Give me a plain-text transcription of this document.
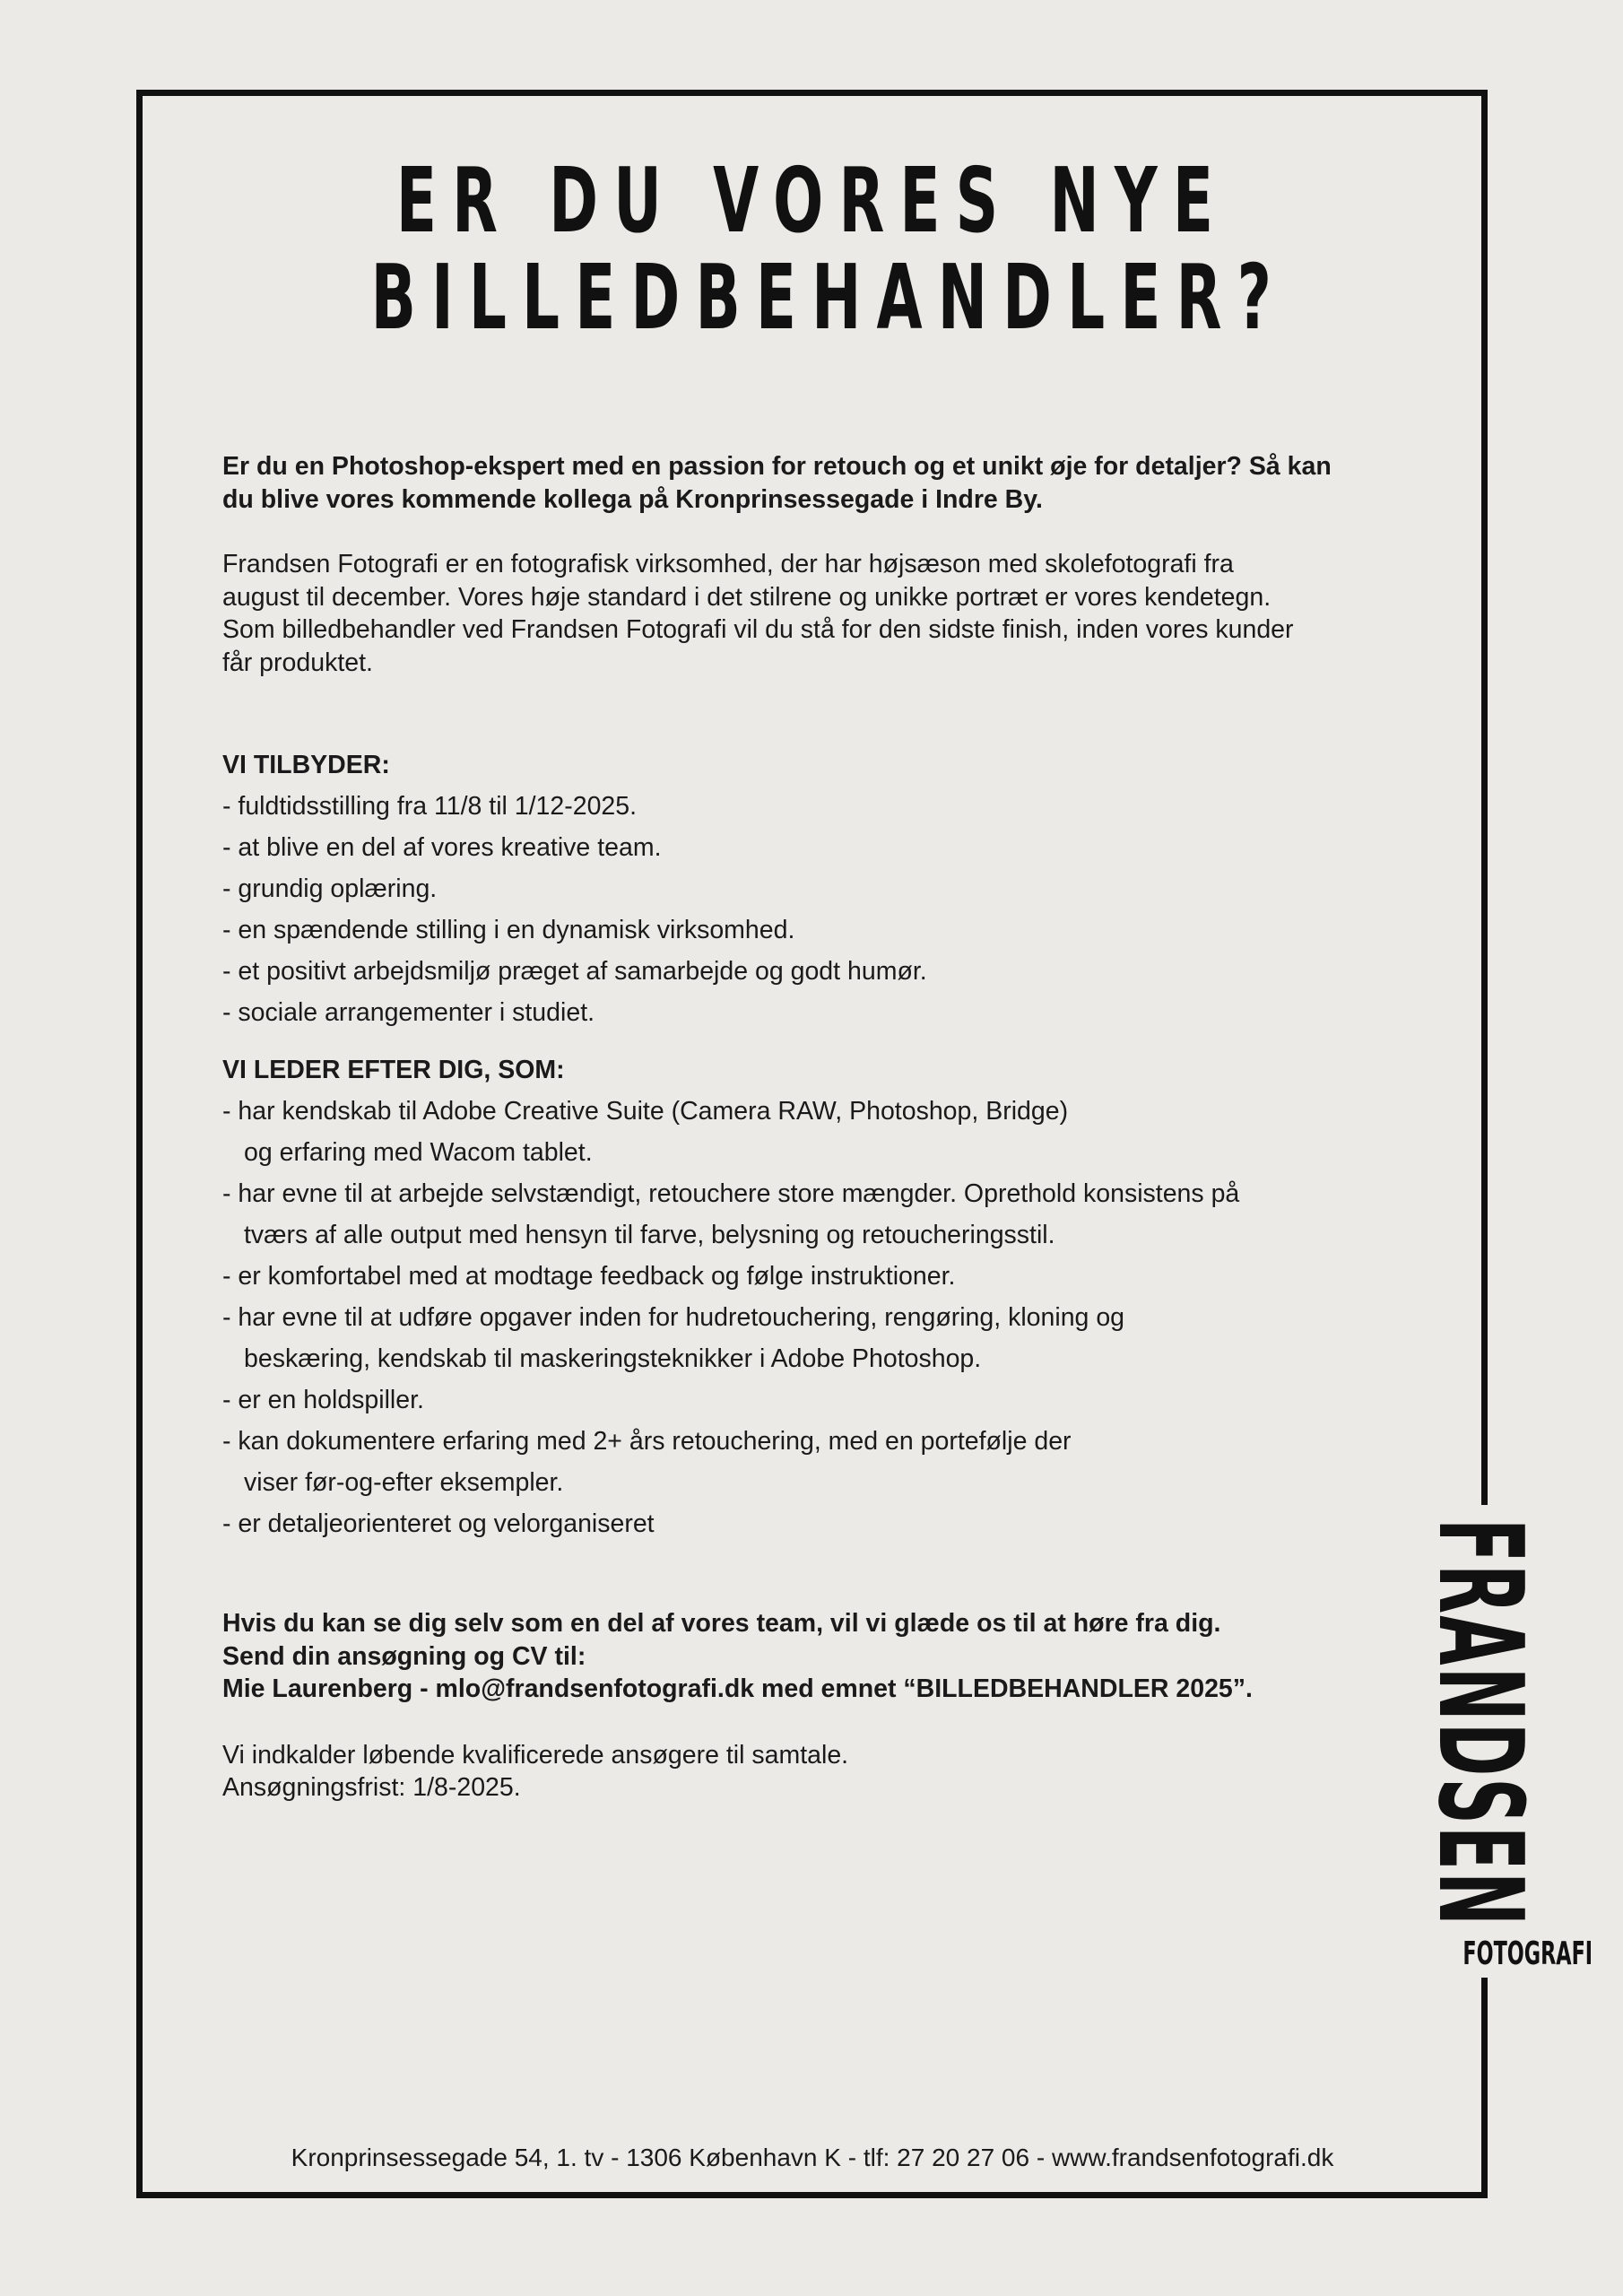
ER DU VORES NYE
BILLEDBEHANDLER?

Er du en Photoshop-ekspert med en passion for retouch og et unikt øje for detaljer? Så kan
du blive vores kommende kollega på Kronprinsessegade i Indre By.

Frandsen Fotografi er en fotografisk virksomhed, der har højsæson med skolefotografi fra
august til december. Vores høje standard i det stilrene og unikke portræt er vores kendetegn.
Som billedbehandler ved Frandsen Fotografi vil du stå for den sidste finish, inden vores kunder
får produktet.

VI TILBYDER:
- fuldtidsstilling fra 11/8 til 1/12-2025.
- at blive en del af vores kreative team.
- grundig oplæring.
- en spændende stilling i en dynamisk virksomhed.
- et positivt arbejdsmiljø præget af samarbejde og godt humør.
- sociale arrangementer i studiet.
VI LEDER EFTER DIG, SOM:
- har kendskab til Adobe Creative Suite (Camera RAW, Photoshop, Bridge)
og erfaring med Wacom tablet.
- har evne til at arbejde selvstændigt, retouchere store mængder. Oprethold konsistens på
tværs af alle output med hensyn til farve, belysning og retoucheringsstil.
- er komfortabel med at modtage feedback og følge instruktioner.
- har evne til at udføre opgaver inden for hudretouchering, rengøring, kloning og
beskæring, kendskab til maskeringsteknikker i Adobe Photoshop.
- er en holdspiller.
- kan dokumentere erfaring med 2+ års retouchering, med en portefølje der
viser før-og-efter eksempler.
- er detaljeorienteret og velorganiseret
Hvis du kan se dig selv som en del af vores team, vil vi glæde os til at høre fra dig.
Send din ansøgning og CV til:
Mie Laurenberg - mlo@frandsenfotografi.dk med emnet “BILLEDBEHANDLER 2025”.
Vi indkalder løbende kvalificerede ansøgere til samtale.
Ansøgningsfrist: 1/8-2025.	FRANDSEN
FOTOGRAFI
Kronprinsessegade 54, 1. tv - 1306 København K - tlf: 27 20 27 06 - www.frandsenfotografi.dk
